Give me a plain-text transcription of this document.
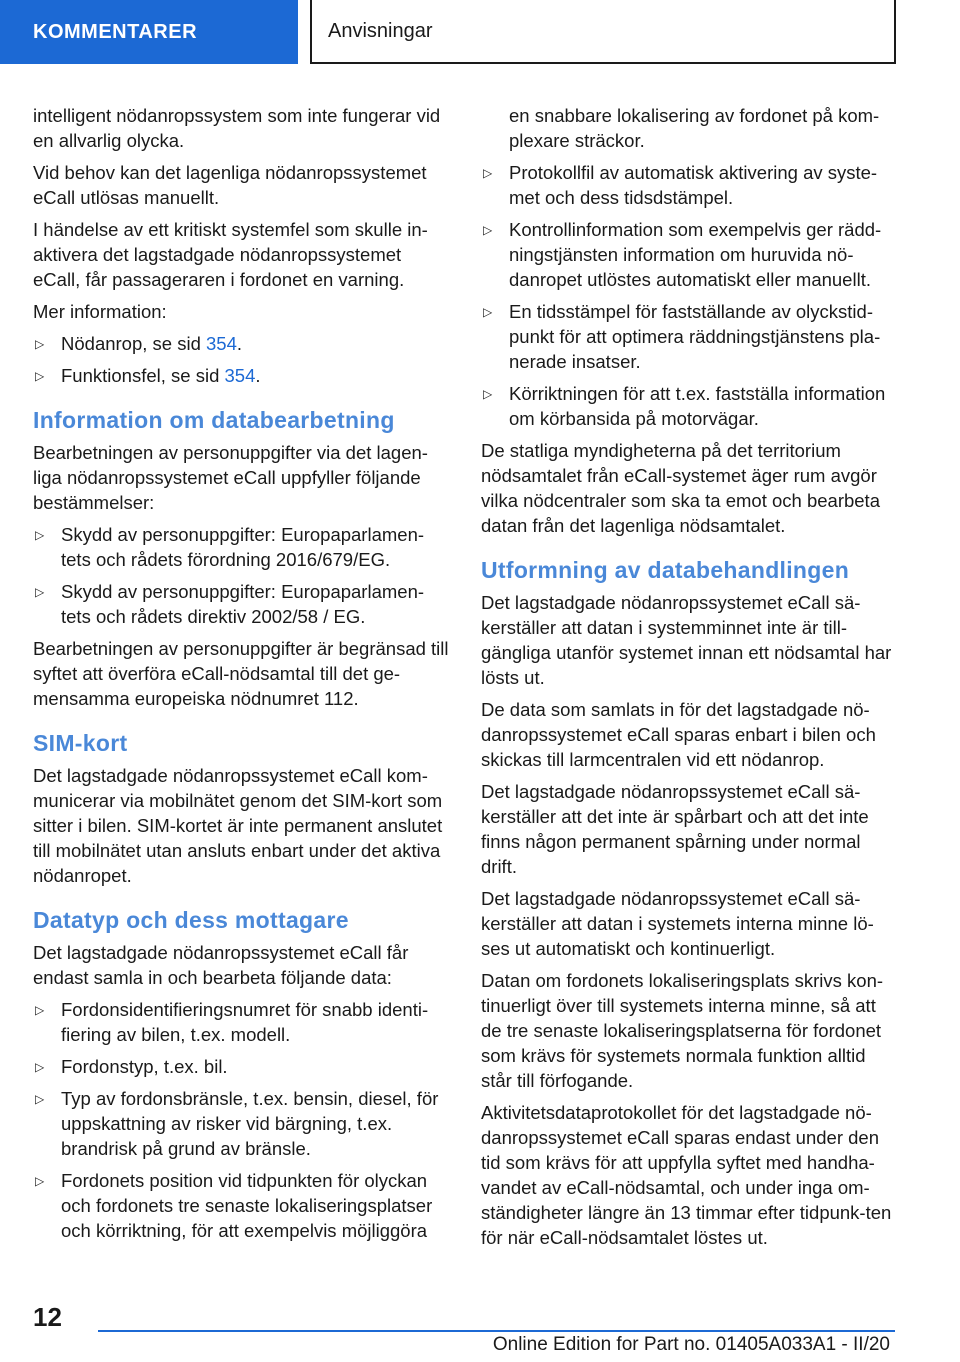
KOMMENTARER	Anvisningar

intelligent nödanropssystem som inte fungerar vid en allvarlig olycka.

Vid behov kan det lagenliga nödanropssystemet eCall utlösas manuellt.

I händelse av ett kritiskt systemfel som skulle in-aktivera det lagstadgade nödanropssystemet eCall, får passageraren i fordonet en varning.

Mer information:

▷ Nödanrop, se sid 354.
▷ Funktionsfel, se sid 354.
Information om databearbetning

Bearbetningen av personuppgifter via det lagen-liga nödanropssystemet eCall uppfyller följande bestämmelser:

▷ Skydd av personuppgifter: Europaparlamen-tets och rådets förordning 2016/679/EG.
▷ Skydd av personuppgifter: Europaparlamen-tets och rådets direktiv 2002/58 / EG.

Bearbetningen av personuppgifter är begränsad till syftet att överföra eCall-nödsamtal till det ge-mensamma europeiska nödnumret 112.

SIM-kort

Det lagstadgade nödanropssystemet eCall kom-municerar via mobilnätet genom det SIM-kort som sitter i bilen. SIM-kortet är inte permanent anslutet till mobilnätet utan ansluts enbart under det aktiva nödanropet.

Datatyp och dess mottagare

Det lagstadgade nödanropssystemet eCall får endast samla in och bearbeta följande data:

▷ Fordonsidentifieringsnumret för snabb identi-fiering av bilen, t.ex. modell.
▷ Fordonstyp, t.ex. bil.
▷ Typ av fordonsbränsle, t.ex. bensin, diesel, för uppskattning av risker vid bärgning, t.ex. brandrisk på grund av bränsle.
▷ Fordonets position vid tidpunkten för olyckan och fordonets tre senaste lokaliseringsplatser och körriktning, för att exempelvis möjliggöra
en snabbare lokalisering av fordonet på kom-plexare sträckor.
▷ Protokollfil av automatisk aktivering av syste-met och dess tidsdstämpel.
▷ Kontrollinformation som exempelvis ger rädd-ningstjänsten information om huruvida nö-danropet utlöstes automatiskt eller manuellt.
▷ En tidsstämpel för fastställande av olyckstid-punkt för att optimera räddningstjänstens pla-nerade insatser.
▷ Körriktningen för att t.ex. fastställa information om körbansida på motorvägar.

De statliga myndigheterna på det territorium nödsamtalet från eCall-systemet äger rum avgör vilka nödcentraler som ska ta emot och bearbeta datan från det lagenliga nödsamtalet.

Utformning av databehandlingen

Det lagstadgade nödanropssystemet eCall sä-kerställer att datan i systemminnet inte är till-gängliga utanför systemet innan ett nödsamtal har lösts ut.

De data som samlats in för det lagstadgade nö-danropssystemet eCall sparas enbart i bilen och skickas till larmcentralen vid ett nödanrop.

Det lagstadgade nödanropssystemet eCall sä-kerställer att det inte är spårbart och att det inte finns någon permanent spårning under normal drift.

Det lagstadgade nödanropssystemet eCall sä-kerställer att datan i systemets interna minne lö-ses ut automatiskt och kontinuerligt.

Datan om fordonets lokaliseringsplats skrivs kon-tinuerligt över till systemets interna minne, så att de tre senaste lokaliseringsplatserna för fordonet som krävs för systemets normala funktion alltid står till förfogande.

Aktivitetsdataprotokollet för det lagstadgade nö-danropssystemet eCall sparas endast under den tid som krävs för att uppfylla syftet med handha-vandet av eCall-nödsamtal, och under inga om-ständigheter längre än 13 timmar efter tidpunk-ten för när eCall-nödsamtalet löstes ut.

12
Online Edition for Part no. 01405A033A1 - II/20
